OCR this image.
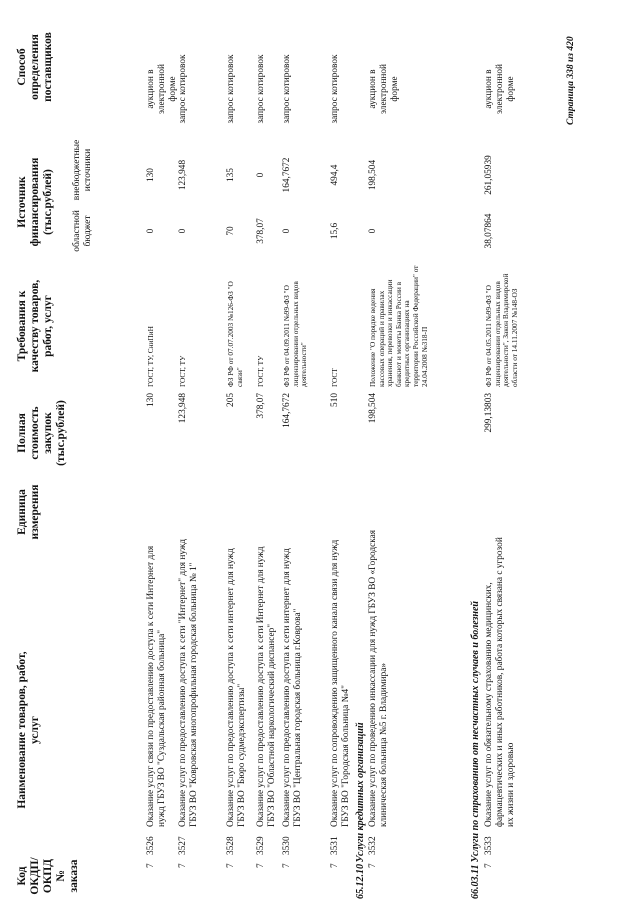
Код ОКДП/ ОКПД № заказа
Наименование товаров, работ, услуг
Единица измерения
Полная стоимость закупок (тыс.рублей)
Требования к качеству товаров, работ, услуг
Источник финансирования (тыс.рублей) областной бюджет
внебюджетные источники
Способ определения поставщиков
7
3526
Оказание услуг связи по предоставлению доступа к сети Интернет для нужд ГБУЗ ВО "Суздальская районная больница"
130
ГОСТ, ТУ, СниПиН
0
130
аукцион в электронной форме
7
3527
Оказание услуг по предоставлению доступа к сети "Интернет" для нужд ГБУЗ ВО "Ковровская многопрофильная городская больница № 1"
123,948
ГОСТ, ТУ
0
123,948
запрос котировок
7
3528
Оказание услуг по предоставлению доступа к сети интернет для нужд ГБУЗ ВО "Бюро судмедэкспертизы"
205
ФЗ РФ от 07.07.2003 №126-ФЗ "О связи"
70
135
запрос котировок
7
3529
Оказание услуг по предоставлению доступа к сети Интернет для нужд ГБУЗ ВО "Областной наркологический диспансер"
378,07
ГОСТ, ТУ
378,07
0
запрос котировок
7
3530
Оказание услуг по предоставлению доступа к сети интернет для нужд ГБУЗ ВО "Центральная городская больница г.Коврова"
164,7672
ФЗ РФ от 04.09.2011 №99-ФЗ "О лицензировании отдельных видов деятельности"
0
164,7672
запрос котировок
7
3531
Оказание услуг по сопровождению защищенного канала связи для нужд ГБУЗ ВО "Городская больница №4"
510
ГОСТ
15,6
494,4
запрос котировок
65.12.10 Услуги кредитных организаций
7
3532
Оказание услуг по проведению инкассации для нужд ГБУЗ ВО «Городская клиническая больница №5 г. Владимира»
198,504
Положение "О порядке ведения кассовых операций и правилах хранения, перевозки и инкассации банкнот и монеты Банка России в кредитных организациях на территории Российской Федерации" от 24.04.2008 №318-П
0
198,504
аукцион в электронной форме
66.03.11 Услуги по страхованию от несчастных случаев и болезней
7
3533
Оказание услуг по обязательному страхованию медицинских, фармацевтических и иных работников, работа которых связана с угрозой их жизни и здоровью
299,13803
ФЗ РФ от 04.05.2011 №99-ФЗ "О лицензировании отдельных видов деятельности", Закон Владимирской области от 14.11.2007 №148-ОЗ
38,07864
261,05939
аукцион в электронной форме	Страница 338 из 420
